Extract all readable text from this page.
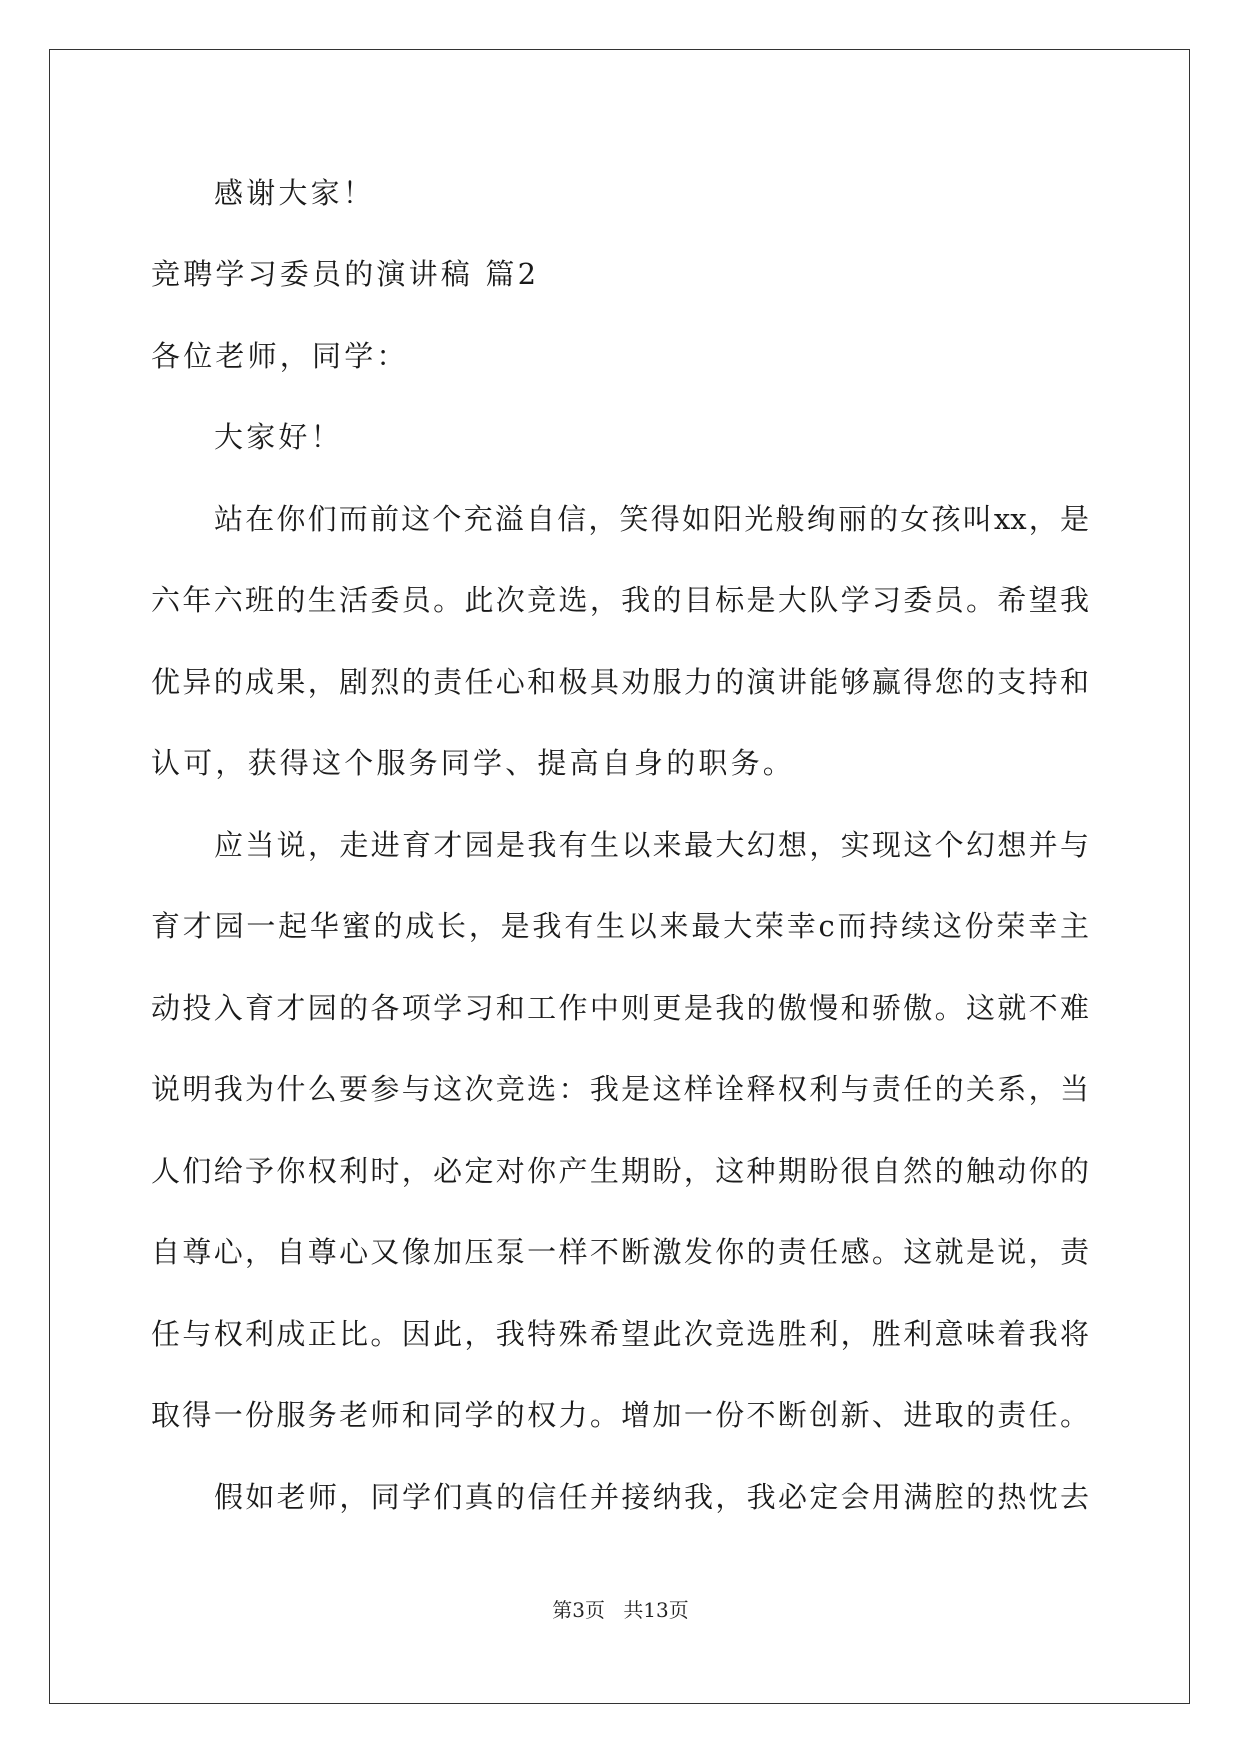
感谢大家！
竞聘学习委员的演讲稿 篇2
各位老师，同学：
大家好！
站在你们而前这个充溢自信，笑得如阳光般绚丽的女孩叫xx，是
六年六班的生活委员。此次竞选，我的目标是大队学习委员。希望我
优异的成果，剧烈的责任心和极具劝服力的演讲能够赢得您的支持和
认可，获得这个服务同学、提高自身的职务。
应当说，走进育才园是我有生以来最大幻想，实现这个幻想并与
育才园一起华蜜的成长，是我有生以来最大荣幸c而持续这份荣幸主
动投入育才园的各项学习和工作中则更是我的傲慢和骄傲。这就不难
说明我为什么要参与这次竞选：我是这样诠释权利与责任的关系，当
人们给予你权利时，必定对你产生期盼，这种期盼很自然的触动你的
自尊心，自尊心又像加压泵一样不断激发你的责任感。这就是说，责
任与权利成正比。因此，我特殊希望此次竞选胜利，胜利意味着我将
取得一份服务老师和同学的权力。增加一份不断创新、进取的责任。
假如老师，同学们真的信任并接纳我，我必定会用满腔的热忱去
第3页 共13页
